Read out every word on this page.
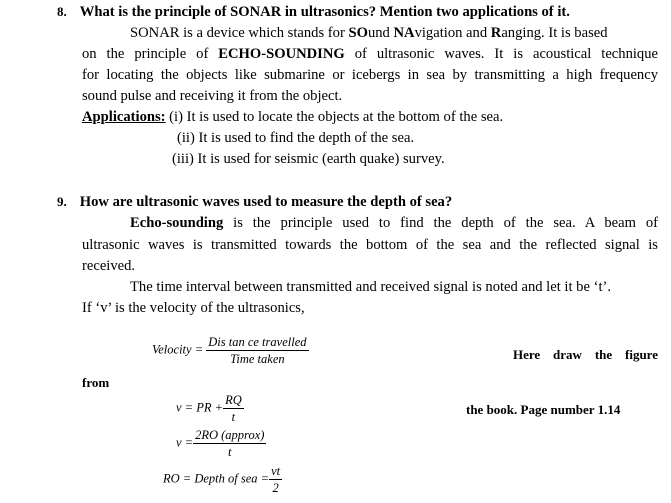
8. What is the principle of SONAR in ultrasonics? Mention two applications of it.
SONAR is a device which stands for SOund NAvigation and Ranging. It is based
on the principle of ECHO-SOUNDING of ultrasonic waves. It is acoustical technique
for locating the objects like submarine or icebergs in sea by transmitting a high frequency
sound pulse and receiving it from the object.
Applications: (i) It is used to locate the objects at the bottom of the sea.
(ii) It is used to find the depth of the sea.
(iii) It is used for seismic (earth quake) survey.
9. How are ultrasonic waves used to measure the depth of sea?
Echo-sounding is the principle used to find the depth of the sea. A beam of
ultrasonic waves is transmitted towards the bottom of the sea and the reflected signal is
received.
The time interval between transmitted and received signal is noted and let it be ‘t’.
If ‘v’ is the velocity of the ultrasonics,
Velocity = $\frac{\text{Dis tan ce travelled}}{\text{Time taken}}$	Here draw the figure
from
v = PR + $\frac{RQ}{t}$	the book. Page number 1.14
$v = \frac{\text{2RO (approx)}}{t}$
RO = Depth of sea = $\frac{vt}{2}$
